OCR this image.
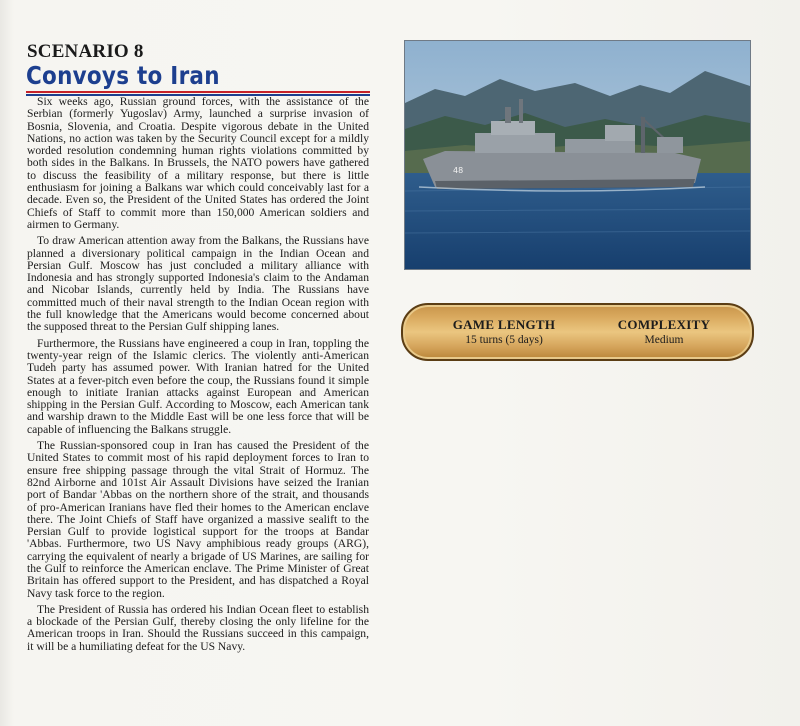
SCENARIO 8
Convoys to Iran

Six weeks ago, Russian ground forces, with the assistance of the Serbian (formerly Yugoslav) Army, launched a surprise invasion of Bosnia, Slovenia, and Croatia. Despite vigorous debate in the United Nations, no action was taken by the Security Council except for a mildly worded resolution condemning human rights violations committed by both sides in the Balkans. In Brussels, the NATO powers have gathered to discuss the feasibility of a military response, but there is little enthusiasm for joining a Balkans war which could conceivably last for a decade. Even so, the President of the United States has ordered the Joint Chiefs of Staff to commit more than 150,000 American soldiers and airmen to Germany.

To draw American attention away from the Balkans, the Russians have planned a diversionary political campaign in the Indian Ocean and Persian Gulf. Moscow has just concluded a military alliance with Indonesia and has strongly supported Indonesia's claim to the Andaman and Nicobar Islands, currently held by India. The Russians have committed much of their naval strength to the Indian Ocean region with the full knowledge that the Americans would become concerned about the supposed threat to the Persian Gulf shipping lanes.

Furthermore, the Russians have engineered a coup in Iran, toppling the twenty-year reign of the Islamic clerics. The violently anti-American Tudeh party has assumed power. With Iranian hatred for the United States at a fever-pitch even before the coup, the Russians found it simple enough to initiate Iranian attacks against European and American shipping in the Persian Gulf. According to Moscow, each American tank and warship drawn to the Middle East will be one less force that will be capable of influencing the Balkans struggle.

The Russian-sponsored coup in Iran has caused the President of the United States to commit most of his rapid deployment forces to Iran to ensure free shipping passage through the vital Strait of Hormuz. The 82nd Airborne and 101st Air Assault Divisions have seized the Iranian port of Bandar 'Abbas on the northern shore of the strait, and thousands of pro-American Iranians have fled their homes to the American enclave there. The Joint Chiefs of Staff have organized a massive sealift to the Persian Gulf to provide logistical support for the troops at Bandar 'Abbas. Furthermore, two US Navy amphibious ready groups (ARG), carrying the equivalent of nearly a brigade of US Marines, are sailing for the Gulf to reinforce the American enclave. The Prime Minister of Great Britain has offered support to the President, and has dispatched a Royal Navy task force to the region.

The President of Russia has ordered his Indian Ocean fleet to establish a blockade of the Persian Gulf, thereby closing the only lifeline for the American troops in Iran. Should the Russians succeed in this campaign, it will be a humiliating defeat for the US Navy.

48
GAME LENGTH
15 turns (5 days)
COMPLEXITY
Medium
